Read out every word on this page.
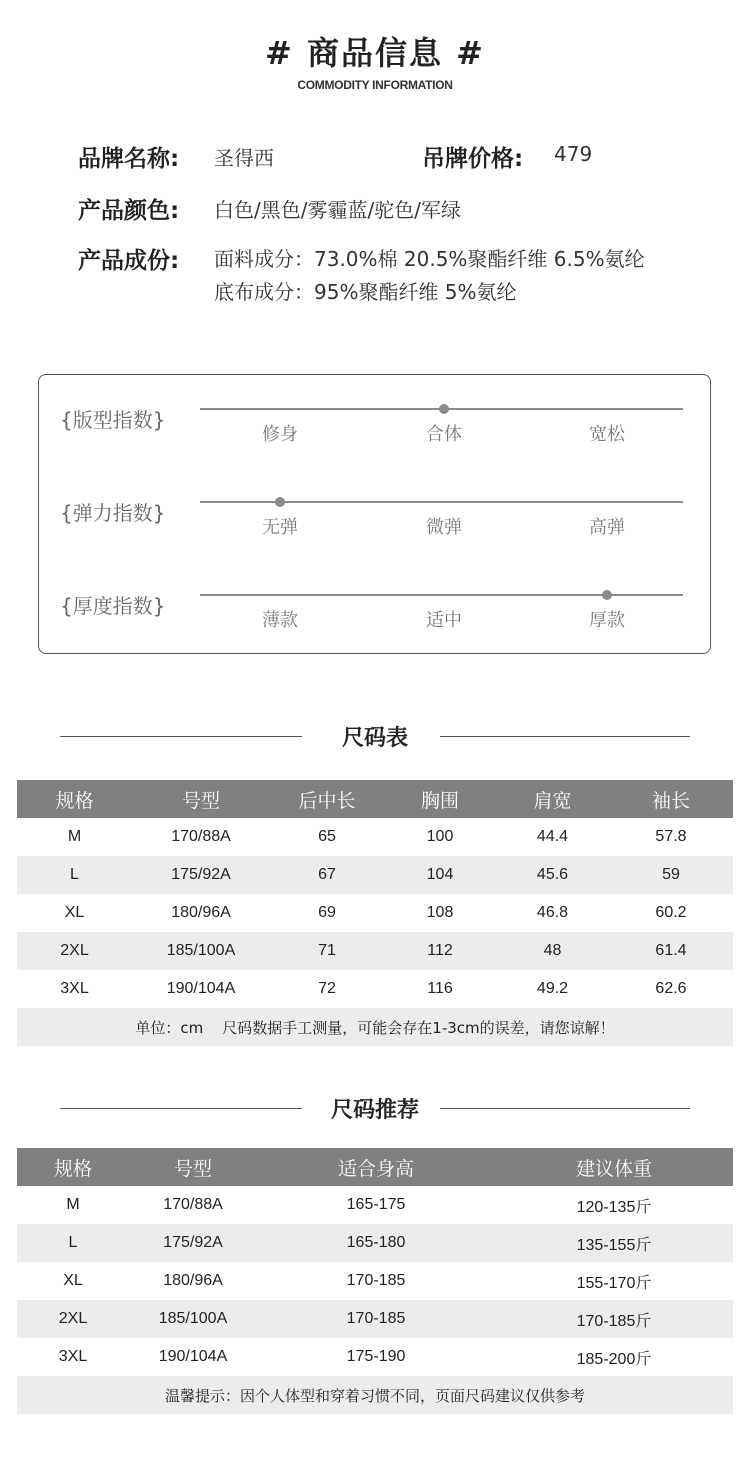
# 商品信息 #
COMMODITY INFORMATION
品牌名称: 圣得西	吊牌价格: 479
产品颜色: 白色/黑色/雾霾蓝/驼色/军绿
产品成份: 面料成分：73.0%棉 20.5%聚酯纤维 6.5%氨纶
底布成分：95%聚酯纤维 5%氨纶
{版型指数}
修身	合体	宽松
{弹力指数}
无弹	微弹	高弹
{厚度指数}
薄款	适中	厚款
尺码表
规格	号型	后中长	胸围	肩宽	袖长
M	170/88A	65	100	44.4	57.8
L	175/92A	67	104	45.6	59
XL	180/96A	69	108	46.8	60.2
2XL	185/100A	71	112	48	61.4
3XL	190/104A	72	116	49.2	62.6
单位：cm    尺码数据手工测量，可能会存在1-3cm的误差，请您谅解！
尺码推荐
规格	号型	适合身高	建议体重
M	170/88A	165-175	120-135斤
L	175/92A	165-180	135-155斤
XL	180/96A	170-185	155-170斤
2XL	185/100A	170-185	170-185斤
3XL	190/104A	175-190	185-200斤
温馨提示：因个人体型和穿着习惯不同，页面尺码建议仅供参考
